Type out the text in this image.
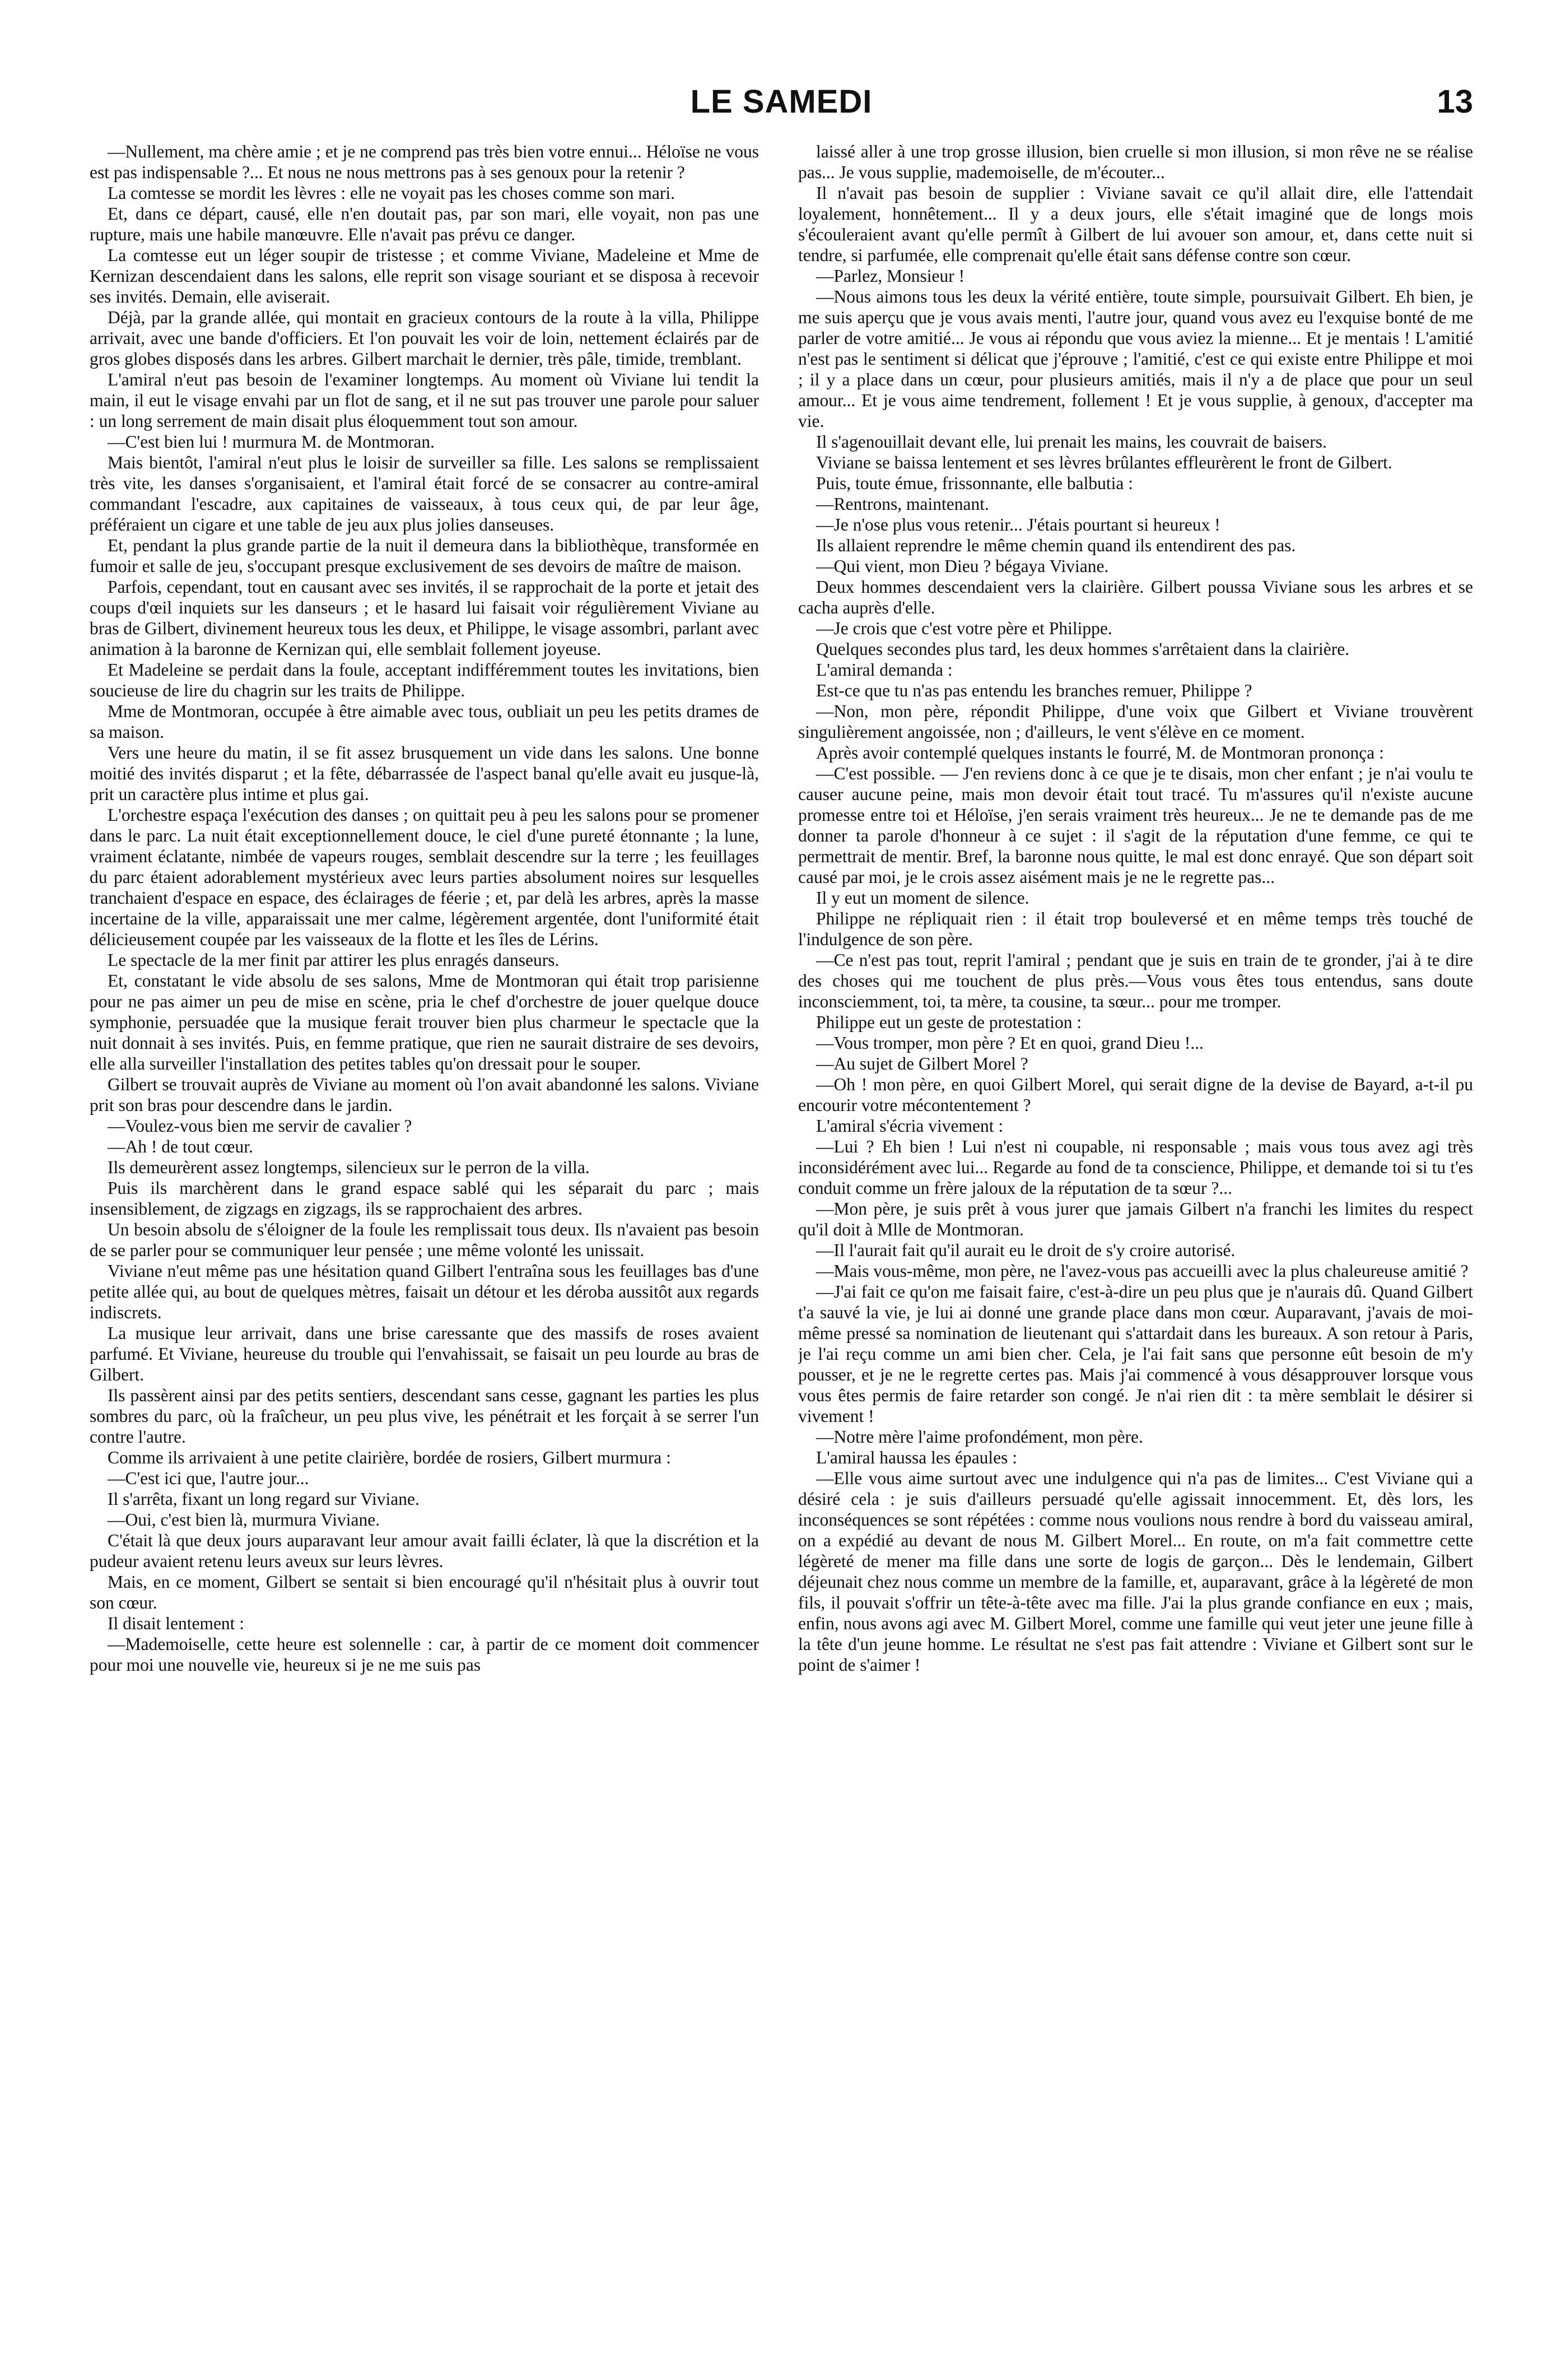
LE SAMEDI	13

—Nullement, ma chère amie ; et je ne comprend pas très bien votre ennui... Héloïse ne vous est pas indispensable ?... Et nous ne nous mettrons pas à ses genoux pour la retenir ?

La comtesse se mordit les lèvres : elle ne voyait pas les choses comme son mari.

Et, dans ce départ, causé, elle n'en doutait pas, par son mari, elle voyait, non pas une rupture, mais une habile manœuvre. Elle n'avait pas prévu ce danger.

La comtesse eut un léger soupir de tristesse ; et comme Viviane, Madeleine et Mme de Kernizan descendaient dans les salons, elle reprit son visage souriant et se disposa à recevoir ses invités. Demain, elle aviserait.

Déjà, par la grande allée, qui montait en gracieux contours de la route à la villa, Philippe arrivait, avec une bande d'officiers. Et l'on pouvait les voir de loin, nettement éclairés par de gros globes disposés dans les arbres. Gilbert marchait le dernier, très pâle, timide, tremblant.

L'amiral n'eut pas besoin de l'examiner longtemps. Au moment où Viviane lui tendit la main, il eut le visage envahi par un flot de sang, et il ne sut pas trouver une parole pour saluer : un long serrement de main disait plus éloquemment tout son amour.

—C'est bien lui ! murmura M. de Montmoran.

Mais bientôt, l'amiral n'eut plus le loisir de surveiller sa fille. Les salons se remplissaient très vite, les danses s'organisaient, et l'amiral était forcé de se consacrer au contre-amiral commandant l'escadre, aux capitaines de vaisseaux, à tous ceux qui, de par leur âge, préféraient un cigare et une table de jeu aux plus jolies danseuses.

Et, pendant la plus grande partie de la nuit il demeura dans la bibliothèque, transformée en fumoir et salle de jeu, s'occupant presque exclusivement de ses devoirs de maître de maison.

Parfois, cependant, tout en causant avec ses invités, il se rapprochait de la porte et jetait des coups d'œil inquiets sur les danseurs ; et le hasard lui faisait voir régulièrement Viviane au bras de Gilbert, divinement heureux tous les deux, et Philippe, le visage assombri, parlant avec animation à la baronne de Kernizan qui, elle semblait follement joyeuse.

Et Madeleine se perdait dans la foule, acceptant indifféremment toutes les invitations, bien soucieuse de lire du chagrin sur les traits de Philippe.

Mme de Montmoran, occupée à être aimable avec tous, oubliait un peu les petits drames de sa maison.

Vers une heure du matin, il se fit assez brusquement un vide dans les salons. Une bonne moitié des invités disparut ; et la fête, débarrassée de l'aspect banal qu'elle avait eu jusque-là, prit un caractère plus intime et plus gai.

L'orchestre espaça l'exécution des danses ; on quittait peu à peu les salons pour se promener dans le parc. La nuit était exceptionnellement douce, le ciel d'une pureté étonnante ; la lune, vraiment éclatante, nimbée de vapeurs rouges, semblait descendre sur la terre ; les feuillages du parc étaient adorablement mystérieux avec leurs parties absolument noires sur lesquelles tranchaient d'espace en espace, des éclairages de féerie ; et, par delà les arbres, après la masse incertaine de la ville, apparaissait une mer calme, légèrement argentée, dont l'uniformité était délicieusement coupée par les vaisseaux de la flotte et les îles de Lérins.

Le spectacle de la mer finit par attirer les plus enragés danseurs.

Et, constatant le vide absolu de ses salons, Mme de Montmoran qui était trop parisienne pour ne pas aimer un peu de mise en scène, pria le chef d'orchestre de jouer quelque douce symphonie, persuadée que la musique ferait trouver bien plus charmeur le spectacle que la nuit donnait à ses invités. Puis, en femme pratique, que rien ne saurait distraire de ses devoirs, elle alla surveiller l'installation des petites tables qu'on dressait pour le souper.

Gilbert se trouvait auprès de Viviane au moment où l'on avait abandonné les salons. Viviane prit son bras pour descendre dans le jardin.

—Voulez-vous bien me servir de cavalier ?

—Ah ! de tout cœur.

Ils demeurèrent assez longtemps, silencieux sur le perron de la villa.

Puis ils marchèrent dans le grand espace sablé qui les séparait du parc ; mais insensiblement, de zigzags en zigzags, ils se rapprochaient des arbres.

Un besoin absolu de s'éloigner de la foule les remplissait tous deux. Ils n'avaient pas besoin de se parler pour se communiquer leur pensée ; une même volonté les unissait.

Viviane n'eut même pas une hésitation quand Gilbert l'entraîna sous les feuillages bas d'une petite allée qui, au bout de quelques mètres, faisait un détour et les déroba aussitôt aux regards indiscrets.

La musique leur arrivait, dans une brise caressante que des massifs de roses avaient parfumé. Et Viviane, heureuse du trouble qui l'envahissait, se faisait un peu lourde au bras de Gilbert.

Ils passèrent ainsi par des petits sentiers, descendant sans cesse, gagnant les parties les plus sombres du parc, où la fraîcheur, un peu plus vive, les pénétrait et les forçait à se serrer l'un contre l'autre.

Comme ils arrivaient à une petite clairière, bordée de rosiers, Gilbert murmura :

—C'est ici que, l'autre jour...

Il s'arrêta, fixant un long regard sur Viviane.

—Oui, c'est bien là, murmura Viviane.

C'était là que deux jours auparavant leur amour avait failli éclater, là que la discrétion et la pudeur avaient retenu leurs aveux sur leurs lèvres.

Mais, en ce moment, Gilbert se sentait si bien encouragé qu'il n'hésitait plus à ouvrir tout son cœur.

Il disait lentement :

—Mademoiselle, cette heure est solennelle : car, à partir de ce moment doit commencer pour moi une nouvelle vie, heureux si je ne me suis pas

laissé aller à une trop grosse illusion, bien cruelle si mon illusion, si mon rêve ne se réalise pas... Je vous supplie, mademoiselle, de m'écouter...

Il n'avait pas besoin de supplier : Viviane savait ce qu'il allait dire, elle l'attendait loyalement, honnêtement... Il y a deux jours, elle s'était imaginé que de longs mois s'écouleraient avant qu'elle permît à Gilbert de lui avouer son amour, et, dans cette nuit si tendre, si parfumée, elle comprenait qu'elle était sans défense contre son cœur.

—Parlez, Monsieur !

—Nous aimons tous les deux la vérité entière, toute simple, poursuivait Gilbert. Eh bien, je me suis aperçu que je vous avais menti, l'autre jour, quand vous avez eu l'exquise bonté de me parler de votre amitié... Je vous ai répondu que vous aviez la mienne... Et je mentais ! L'amitié n'est pas le sentiment si délicat que j'éprouve ; l'amitié, c'est ce qui existe entre Philippe et moi ; il y a place dans un cœur, pour plusieurs amitiés, mais il n'y a de place que pour un seul amour... Et je vous aime tendrement, follement ! Et je vous supplie, à genoux, d'accepter ma vie.

Il s'agenouillait devant elle, lui prenait les mains, les couvrait de baisers.

Viviane se baissa lentement et ses lèvres brûlantes effleurèrent le front de Gilbert.

Puis, toute émue, frissonnante, elle balbutia :

—Rentrons, maintenant.

—Je n'ose plus vous retenir... J'étais pourtant si heureux !

Ils allaient reprendre le même chemin quand ils entendirent des pas.

—Qui vient, mon Dieu ? bégaya Viviane.

Deux hommes descendaient vers la clairière. Gilbert poussa Viviane sous les arbres et se cacha auprès d'elle.

—Je crois que c'est votre père et Philippe.

Quelques secondes plus tard, les deux hommes s'arrêtaient dans la clairière.

L'amiral demanda :

Est-ce que tu n'as pas entendu les branches remuer, Philippe ?

—Non, mon père, répondit Philippe, d'une voix que Gilbert et Viviane trouvèrent singulièrement angoissée, non ; d'ailleurs, le vent s'élève en ce moment.

Après avoir contemplé quelques instants le fourré, M. de Montmoran prononça :

—C'est possible. — J'en reviens donc à ce que je te disais, mon cher enfant ; je n'ai voulu te causer aucune peine, mais mon devoir était tout tracé. Tu m'assures qu'il n'existe aucune promesse entre toi et Héloïse, j'en serais vraiment très heureux... Je ne te demande pas de me donner ta parole d'honneur à ce sujet : il s'agit de la réputation d'une femme, ce qui te permettrait de mentir. Bref, la baronne nous quitte, le mal est donc enrayé. Que son départ soit causé par moi, je le crois assez aisément mais je ne le regrette pas...

Il y eut un moment de silence.

Philippe ne répliquait rien : il était trop bouleversé et en même temps très touché de l'indulgence de son père.

—Ce n'est pas tout, reprit l'amiral ; pendant que je suis en train de te gronder, j'ai à te dire des choses qui me touchent de plus près.—Vous vous êtes tous entendus, sans doute inconsciemment, toi, ta mère, ta cousine, ta sœur... pour me tromper.

Philippe eut un geste de protestation :

—Vous tromper, mon père ? Et en quoi, grand Dieu !...

—Au sujet de Gilbert Morel ?

—Oh ! mon père, en quoi Gilbert Morel, qui serait digne de la devise de Bayard, a-t-il pu encourir votre mécontentement ?

L'amiral s'écria vivement :

—Lui ? Eh bien ! Lui n'est ni coupable, ni responsable ; mais vous tous avez agi très inconsidérément avec lui... Regarde au fond de ta conscience, Philippe, et demande toi si tu t'es conduit comme un frère jaloux de la réputation de ta sœur ?...

—Mon père, je suis prêt à vous jurer que jamais Gilbert n'a franchi les limites du respect qu'il doit à Mlle de Montmoran.

—Il l'aurait fait qu'il aurait eu le droit de s'y croire autorisé.

—Mais vous-même, mon père, ne l'avez-vous pas accueilli avec la plus chaleureuse amitié ?

—J'ai fait ce qu'on me faisait faire, c'est-à-dire un peu plus que je n'aurais dû. Quand Gilbert t'a sauvé la vie, je lui ai donné une grande place dans mon cœur. Auparavant, j'avais de moi-même pressé sa nomination de lieutenant qui s'attardait dans les bureaux. A son retour à Paris, je l'ai reçu comme un ami bien cher. Cela, je l'ai fait sans que personne eût besoin de m'y pousser, et je ne le regrette certes pas. Mais j'ai commencé à vous désapprouver lorsque vous vous êtes permis de faire retarder son congé. Je n'ai rien dit : ta mère semblait le désirer si vivement !

—Notre mère l'aime profondément, mon père.

L'amiral haussa les épaules :

—Elle vous aime surtout avec une indulgence qui n'a pas de limites... C'est Viviane qui a désiré cela : je suis d'ailleurs persuadé qu'elle agissait innocemment. Et, dès lors, les inconséquences se sont répétées : comme nous voulions nous rendre à bord du vaisseau amiral, on a expédié au devant de nous M. Gilbert Morel... En route, on m'a fait commettre cette légèreté de mener ma fille dans une sorte de logis de garçon... Dès le lendemain, Gilbert déjeunait chez nous comme un membre de la famille, et, auparavant, grâce à la légèreté de mon fils, il pouvait s'offrir un tête-à-tête avec ma fille. J'ai la plus grande confiance en eux ; mais, enfin, nous avons agi avec M. Gilbert Morel, comme une famille qui veut jeter une jeune fille à la tête d'un jeune homme. Le résultat ne s'est pas fait attendre : Viviane et Gilbert sont sur le point de s'aimer !
